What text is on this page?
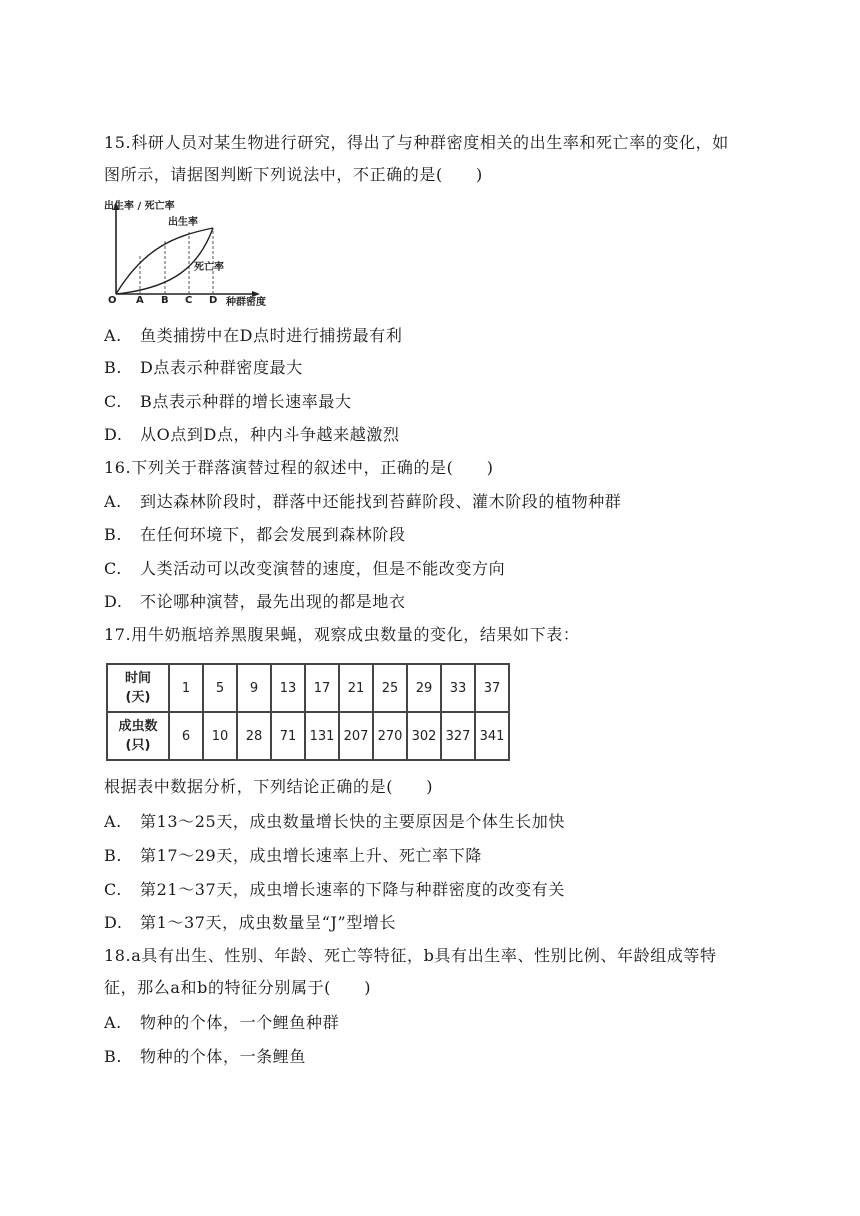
15.科研人员对某生物进行研究，得出了与种群密度相关的出生率和死亡率的变化，如
图所示，请据图判断下列说法中，不正确的是(　　)
出生率 / 死亡率
出生率
死亡率
O A B C D 种群密度
A. 鱼类捕捞中在D点时进行捕捞最有利
B. D点表示种群密度最大
C. B点表示种群的增长速率最大
D. 从O点到D点，种内斗争越来越激烈
16.下列关于群落演替过程的叙述中，正确的是(　　)
A. 到达森林阶段时，群落中还能找到苔藓阶段、灌木阶段的植物种群
B. 在任何环境下，都会发展到森林阶段
C. 人类活动可以改变演替的速度，但是不能改变方向
D. 不论哪种演替，最先出现的都是地衣
17.用牛奶瓶培养黑腹果蝇，观察成虫数量的变化，结果如下表：
时间
(天)	1	5	9	13	17	21	25	29	33	37
成虫数
(只)	6	10	28	71	131	207	270	302	327	341
根据表中数据分析，下列结论正确的是(　　)
A. 第13～25天，成虫数量增长快的主要原因是个体生长加快
B. 第17～29天，成虫增长速率上升、死亡率下降
C. 第21～37天，成虫增长速率的下降与种群密度的改变有关
D. 第1～37天，成虫数量呈“J”型增长
18.a具有出生、性别、年龄、死亡等特征，b具有出生率、性别比例、年龄组成等特
征，那么a和b的特征分别属于(　　)
A. 物种的个体，一个鲤鱼种群
B. 物种的个体，一条鲤鱼
